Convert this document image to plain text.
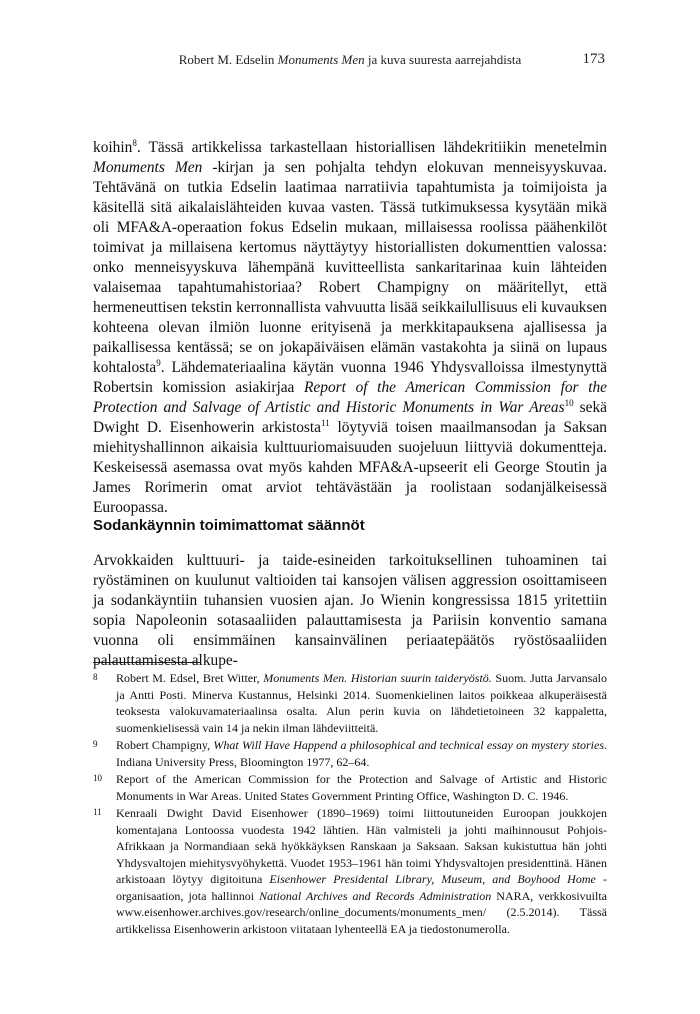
Robert M. Edselin Monuments Men ja kuva suuresta aarrejahdista	173

koihin$^8$. Tässä artikkelissa tarkastellaan historiallisen lähdekritiikin menetelmin Monuments Men -kirjan ja sen pohjalta tehdyn elokuvan menneisyyskuvaa. Tehtävänä on tutkia Edselin laatimaa narratiivia tapahtumista ja toimijoista ja käsitellä sitä aikalaislähteiden kuvaa vasten. Tässä tutkimuksessa kysytään mikä oli MFA&A-operaation fokus Edselin mukaan, millaisessa roolissa päähenkilöt toimivat ja millaisena kertomus näyttäytyy historiallisten dokumenttien valossa: onko menneisyyskuva lähempänä kuvitteellista sankaritarinaa kuin lähteiden valaisemaa tapahtumahistoriaa? Robert Champigny on määritellyt, että hermeneuttisen tekstin kerronnallista vahvuutta lisää seikkailullisuus eli kuvauksen kohteena olevan ilmiön luonne erityisenä ja merkkitapauksena ajallisessa ja paikallisessa kentässä; se on jokapäiväisen elämän vastakohta ja siinä on lupaus kohtalosta$^9$. Lähdemateriaalina käytän vuonna 1946 Yhdysvalloissa ilmestynyttä Robertsin komission asiakirjaa Report of the American Commission for the Protection and Salvage of Artistic and Historic Monuments in War Areas$^{10}$ sekä Dwight D. Eisenhowerin arkistosta$^{11}$ löytyviä toisen maailmansodan ja Saksan miehityshallinnon aikaisia kulttuuriomaisuuden suojeluun liittyviä dokumentteja. Keskeisessä asemassa ovat myös kahden MFA&A-upseerit eli George Stoutin ja James Rorimerin omat arviot tehtävästään ja roolistaan sodanjälkeisessä Euroopassa.

Sodankäynnin toimimattomat säännöt

Arvokkaiden kulttuuri- ja taide-esineiden tarkoituksellinen tuhoaminen tai ryöstäminen on kuulunut valtioiden tai kansojen välisen aggression osoittamiseen ja sodankäyntiin tuhansien vuosien ajan. Jo Wienin kongressissa 1815 yritettiin sopia Napoleonin sotasaaliiden palauttamisesta ja Pariisin konventio samana vuonna oli ensimmäinen kansainvälinen periaatepäätös ryöstösaaliiden palauttamisesta alkupe-

8 Robert M. Edsel, Bret Witter, Monuments Men. Historian suurin taideryöstö. Suom. Jutta Jarvansalo ja Antti Posti. Minerva Kustannus, Helsinki 2014. Suomenkielinen laitos poikkeaa alkuperäisestä teoksesta valokuvamateriaalinsa osalta. Alun perin kuvia on lähdetietoineen 32 kappaletta, suomenkielisessä vain 14 ja nekin ilman lähdeviitteitä.
9 Robert Champigny, What Will Have Happend a philosophical and technical essay on mystery stories. Indiana University Press, Bloomington 1977, 62–64.
10 Report of the American Commission for the Protection and Salvage of Artistic and Historic Monuments in War Areas. United States Government Printing Office, Washington D. C. 1946.
11 Kenraali Dwight David Eisenhower (1890–1969) toimi liittoutuneiden Euroopan joukkojen komentajana Lontoossa vuodesta 1942 lähtien. Hän valmisteli ja johti maihinnousut Pohjois-Afrikkaan ja Normandiaan sekä hyökkäyksen Ranskaan ja Saksaan. Saksan kukistuttua hän johti Yhdysvaltojen miehitysvyöhykettä. Vuodet 1953–1961 hän toimi Yhdysvaltojen presidenttinä. Hänen arkistoaan löytyy digitoituna Eisenhower Presidental Library, Museum, and Boyhood Home -organisaation, jota hallinnoi National Archives and Records Administration NARA, verkkosivuilta www.eisenhower.archives.gov/research/online_documents/monuments_men/ (2.5.2014). Tässä artikkelissa Eisenhowerin arkistoon viitataan lyhenteellä EA ja tiedostonumerolla.
